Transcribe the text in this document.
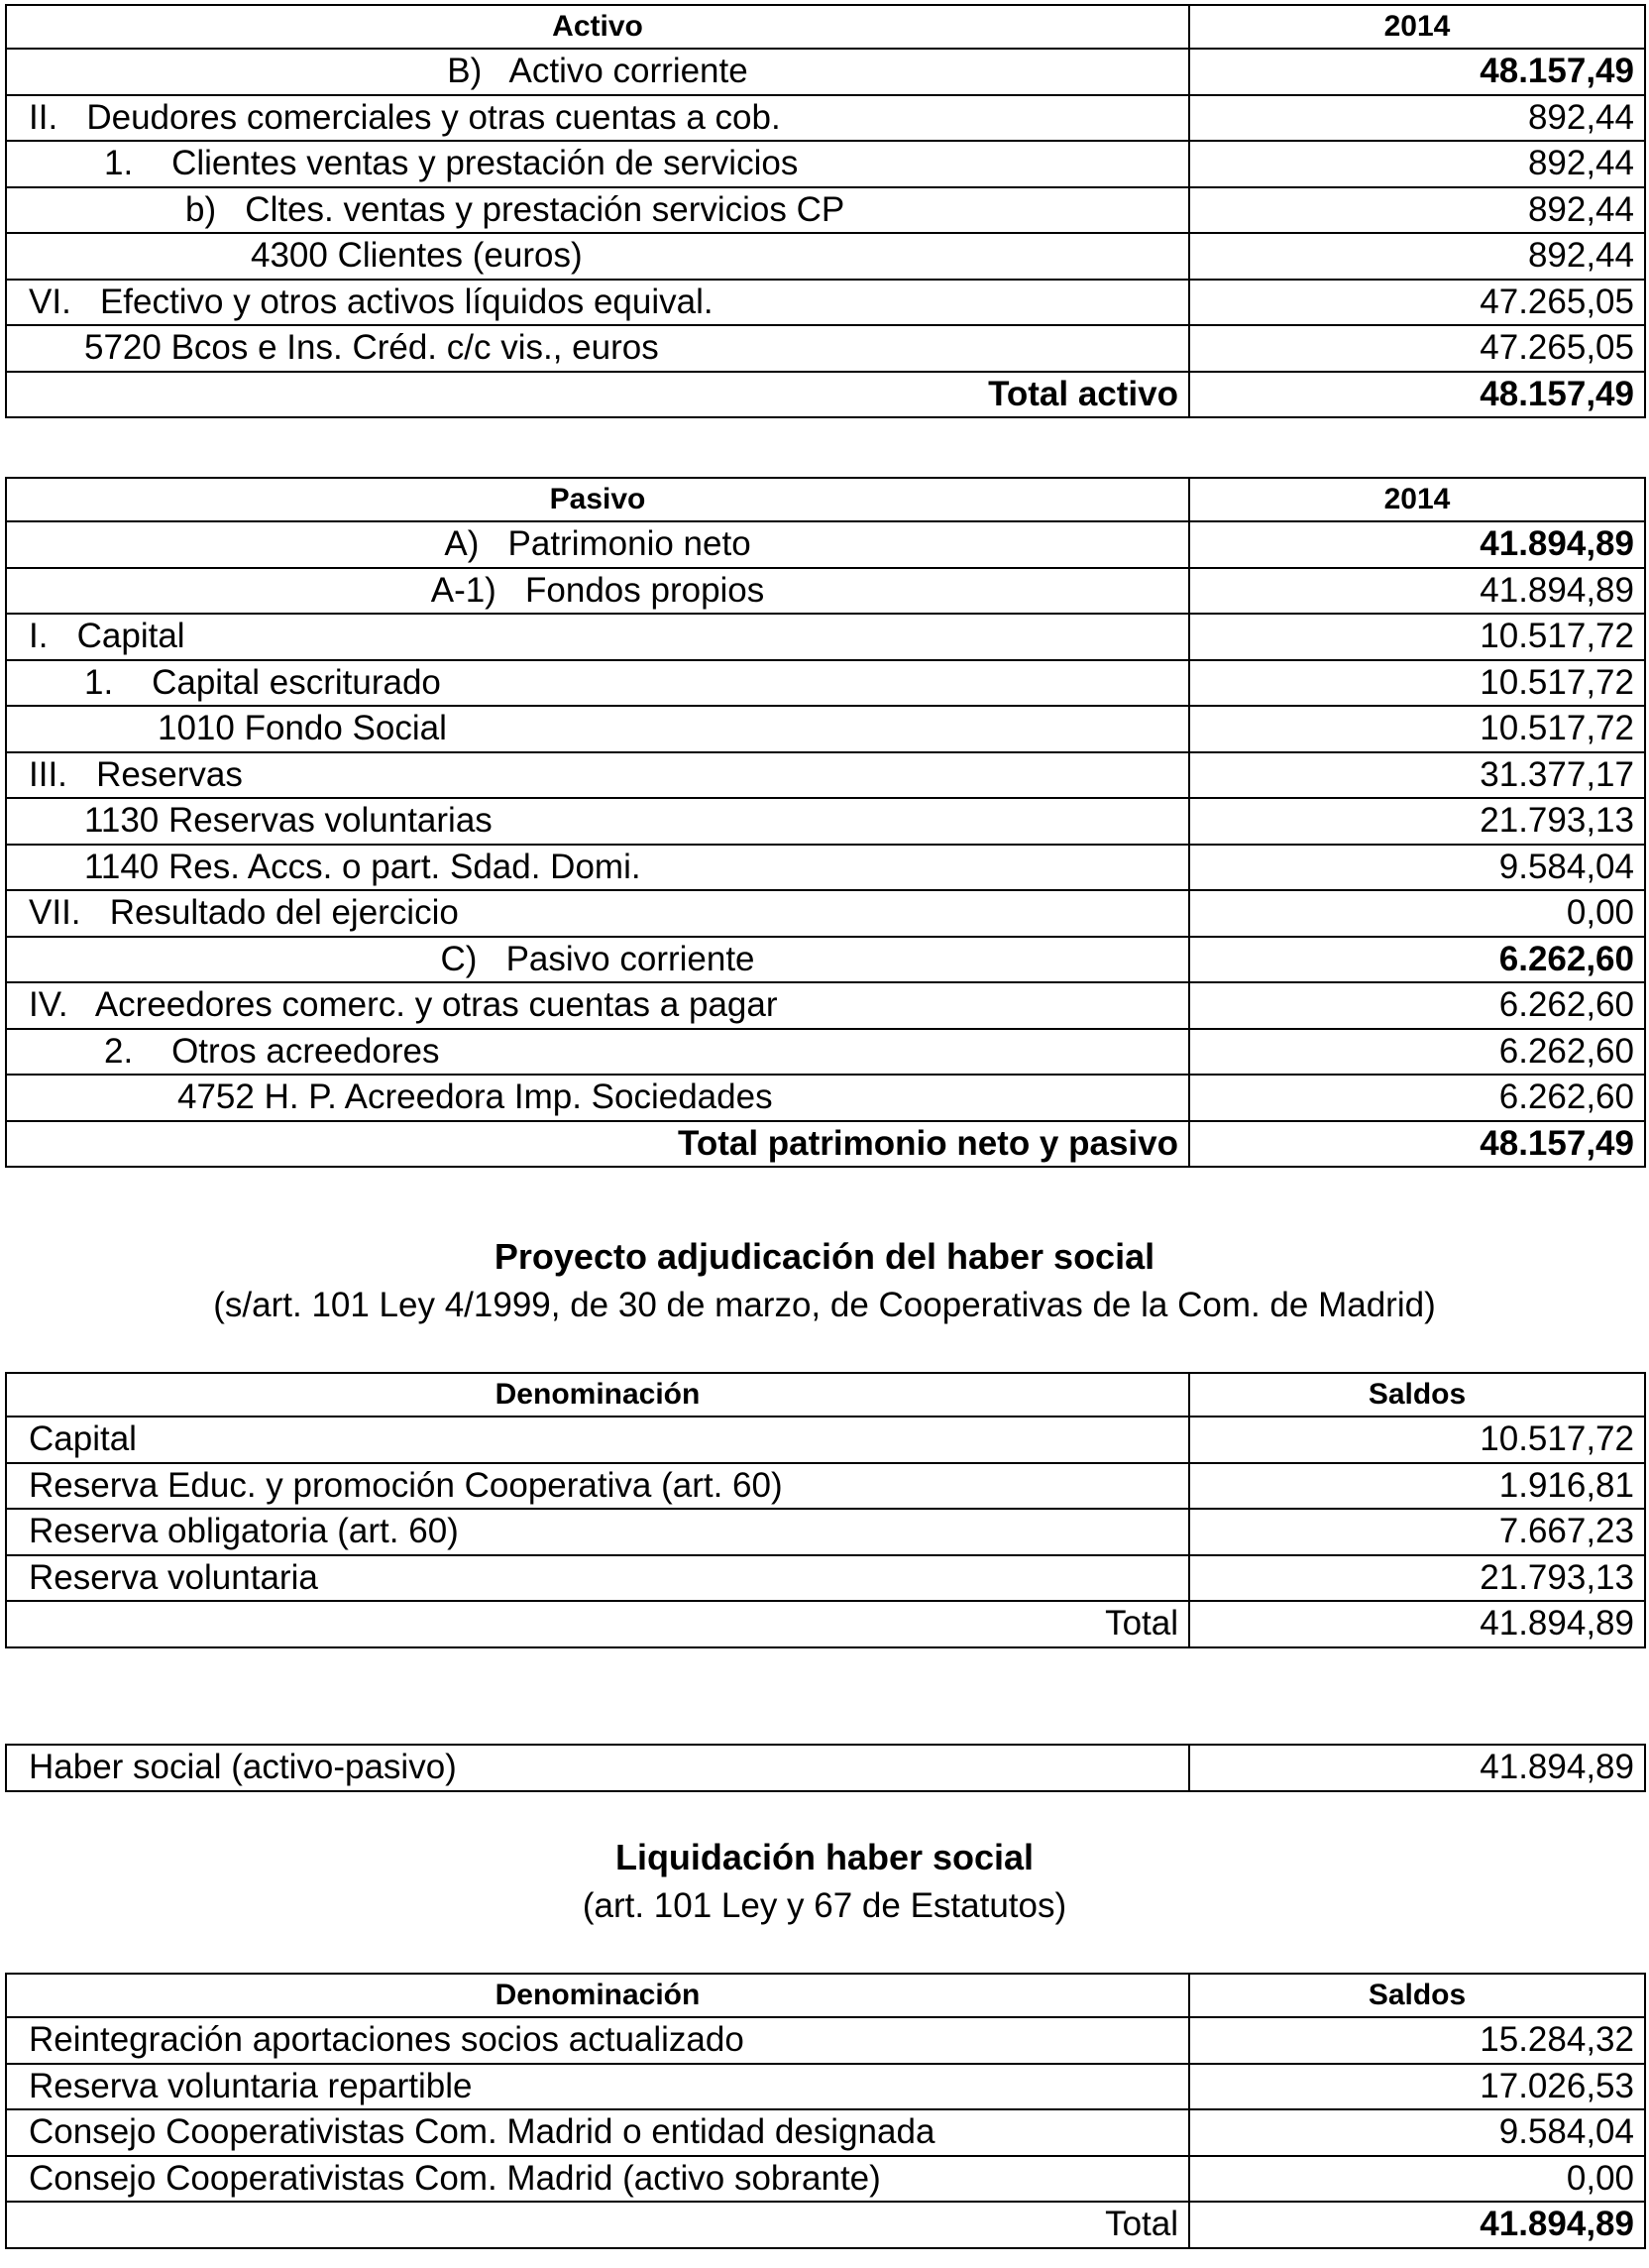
Activo	2014
B)   Activo corriente	48.157,49
II.   Deudores comerciales y otras cuentas a cob.	892,44
1.    Clientes ventas y prestación de servicios	892,44
b)   Cltes. ventas y prestación servicios CP	892,44
4300 Clientes (euros)	892,44
VI.   Efectivo y otros activos líquidos equival.	47.265,05
5720 Bcos e Ins. Créd. c/c vis., euros	47.265,05
Total activo	48.157,49
Pasivo	2014
A)   Patrimonio neto	41.894,89
A-1)   Fondos propios	41.894,89
I.   Capital	10.517,72
1.    Capital escriturado	10.517,72
1010 Fondo Social	10.517,72
III.   Reservas	31.377,17
1130 Reservas voluntarias	21.793,13
1140 Res. Accs. o part. Sdad. Domi.	9.584,04
VII.   Resultado del ejercicio	0,00
C)   Pasivo corriente	6.262,60
IV.   Acreedores comerc. y otras cuentas a pagar	6.262,60
2.    Otros acreedores	6.262,60
4752 H. P. Acreedora Imp. Sociedades	6.262,60
Total patrimonio neto y pasivo	48.157,49
Proyecto adjudicación del haber social
(s/art. 101 Ley 4/1999, de 30 de marzo, de Cooperativas de la Com. de Madrid)
Denominación	Saldos
Capital	10.517,72
Reserva Educ. y promoción Cooperativa (art. 60)	1.916,81
Reserva obligatoria (art. 60)	7.667,23
Reserva voluntaria	21.793,13
Total	41.894,89
Haber social (activo-pasivo)	41.894,89
Liquidación haber social
(art. 101 Ley y 67 de Estatutos)
Denominación	Saldos
Reintegración aportaciones socios actualizado	15.284,32
Reserva voluntaria repartible	17.026,53
Consejo Cooperativistas Com. Madrid o entidad designada	9.584,04
Consejo Cooperativistas Com. Madrid (activo sobrante)	0,00
Total	41.894,89
